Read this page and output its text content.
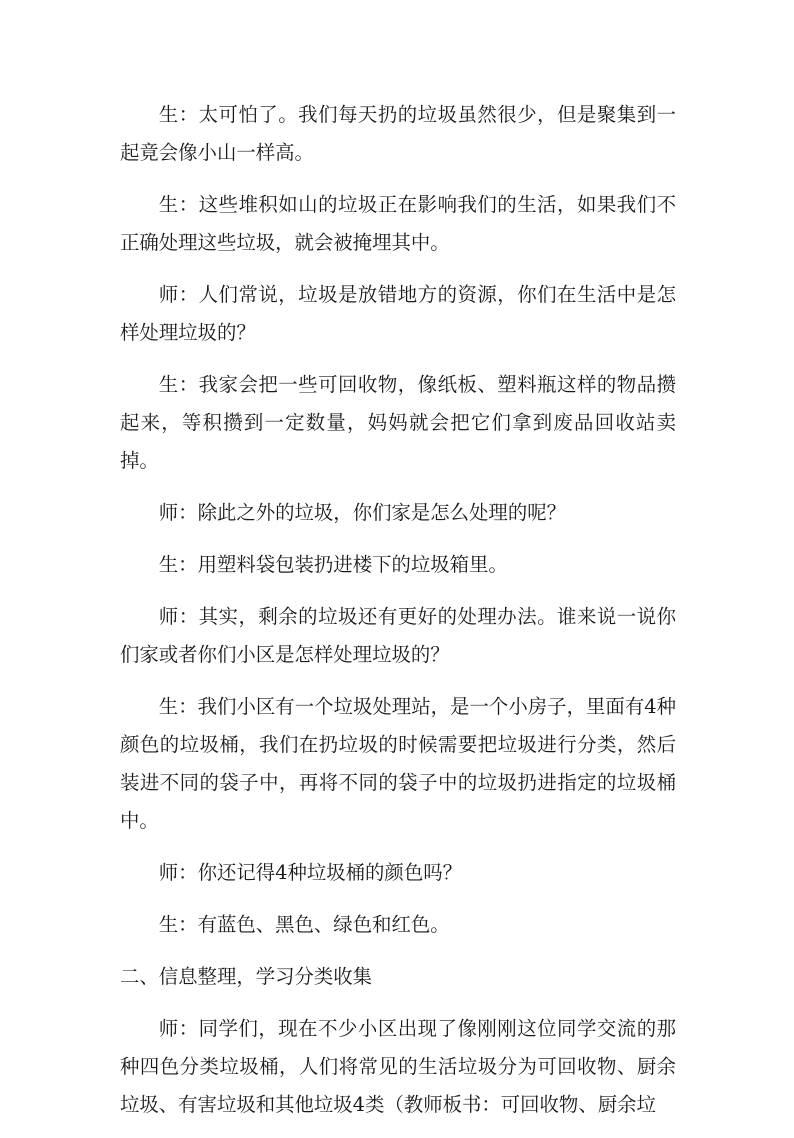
生：太可怕了。我们每天扔的垃圾虽然很少，但是聚集到一起竟会像小山一样高。

生：这些堆积如山的垃圾正在影响我们的生活，如果我们不正确处理这些垃圾，就会被掩埋其中。

师：人们常说，垃圾是放错地方的资源，你们在生活中是怎样处理垃圾的？

生：我家会把一些可回收物，像纸板、塑料瓶这样的物品攒起来，等积攒到一定数量，妈妈就会把它们拿到废品回收站卖掉。

师：除此之外的垃圾，你们家是怎么处理的呢？

生：用塑料袋包装扔进楼下的垃圾箱里。

师：其实，剩余的垃圾还有更好的处理办法。谁来说一说你们家或者你们小区是怎样处理垃圾的？

生：我们小区有一个垃圾处理站，是一个小房子，里面有4种颜色的垃圾桶，我们在扔垃圾的时候需要把垃圾进行分类，然后装进不同的袋子中，再将不同的袋子中的垃圾扔进指定的垃圾桶中。

师：你还记得4种垃圾桶的颜色吗？

生：有蓝色、黑色、绿色和红色。

二、信息整理，学习分类收集

师：同学们，现在不少小区出现了像刚刚这位同学交流的那种四色分类垃圾桶，人们将常见的生活垃圾分为可回收物、厨余垃圾、有害垃圾和其他垃圾4类（教师板书：可回收物、厨余垃
